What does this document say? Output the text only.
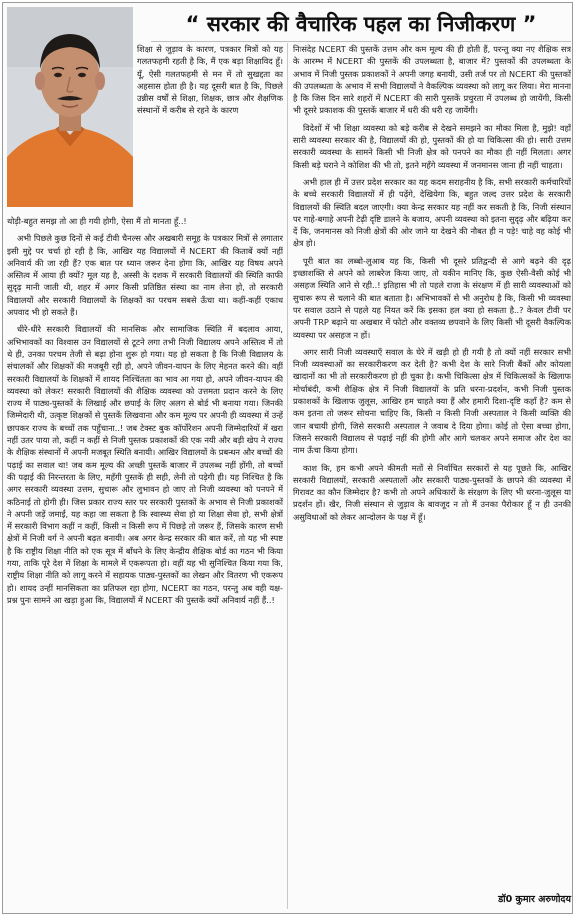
“ सरकार की वैचारिक पहल का निजीकरण ”

शिक्षा से जुड़ाव के कारण, पत्रकार मित्रों को यह गलतफहमी रहती है कि, मैं एक बड़ा शिक्षाविद हूँ। यूँ, ऐसी गलतफहमी से मन में तो सुखद्दता का अहसास होता ही है। यह दूसरी बात है कि, पिछले उन्नीस वर्षों से शिक्षा, शिक्षक, छात्र और शैक्षणिक संस्थानों में करीब से रहने के कारण

थोड़ी-बहुत समझ तो आ ही गयी होगी, ऐसा मैं तो मानता हूँ..!

अभी पिछले कुछ दिनों से कई टीवी चैनल्स और अखबारी समूह के पत्रकार मित्रों से लगातार इसी मुद्दे पर चर्चा हो रही है कि, आखिर यह विद्यालयों में NCERT की किताबें क्यों नहीं अनिवार्य की जा रही हैं? एक बात पर ध्यान जरूर देना होगा कि, आखिर यह विषय अपने अस्तित्व में आया ही क्यों? मूल यह है, अस्सी के दशक में सरकारी विद्यालयों की स्थिति काफी सुदृढ़ मानी जाती थी, शहर में अगर किसी प्रतिष्ठित संस्था का नाम लेना हो, तो सरकारी विद्यालयों और सरकारी विद्यालयों के शिक्षकों का परचम सबसे ऊँचा था। कहीं-कहीं एकाध अपवाद भी हो सकते हैं।

धीरे-धीरे सरकारी विद्यालयों की मानसिक और सामाजिक स्थिति में बदलाव आया, अभिभावकों का विश्वास उन विद्यालयों से टूटने लगा तभी निजी विद्यालय अपने अस्तित्व में तो थे ही, उनका परचम तेजी से बढ़ा होना शुरू हो गया। यह हो सकता है कि निजी विद्यालय के संचालकों और शिक्षकों की मजबूरी रही हो, अपने जीवन-यापन के लिए मेहनत करने की। वहीं सरकारी विद्यालयों के शिक्षकों में शायद निश्चिंतता का भाव आ गया हो, अपने जीवन-यापन की व्यवस्था को लेकर! सरकारी विद्यालयों की शैक्षिक व्यवस्था को उत्तमता प्रदान करने के लिए राज्य में पाठ्य-पुस्तकों के लिखाई और छपाई के लिए अलग से बोर्ड भी बनाया गया। जिनकी जिम्मेदारी थी, उत्कृष्ट शिक्षकों से पुस्तकें लिखवाना और कम मूल्य पर अपनी ही व्यवस्था में उन्हें छापकर राज्य के बच्चों तक पहुँचाना..! जब टेक्स्ट बुक कॉर्पोरेशन अपनी जिम्मेदारियों में खरा नहीं उतर पाया तो, कहीं न कहीं से निजी पुस्तक प्रकाशकों की एक नयी और बड़ी खेप ने राज्य के शैक्षिक संस्थानों में अपनी मजबूत स्थिति बनायी। आखिर विद्यालयों के प्रबन्धन और बच्चों की पढ़ाई का सवाल था! जब कम मूल्य की अच्छी पुस्तकें बाजार में उपलब्ध नहीं होंगी, तो बच्चों की पढ़ाई की निरन्तरता के लिए, महँगी पुस्तकें ही सही, लेनी तो पड़ेगी ही। यह निश्चित है कि अगर सरकारी व्यवस्था उत्तम, सुचारू और लुभावन हो जाए तो निजी व्यवस्था को पनपने में कठिनाई तो होगी ही। जिस प्रकार राज्य स्तर पर सरकारी पुस्तकों के अभाव से निजी प्रकाशकों ने अपनी जड़ें जमाईं, यह कहा जा सकता है कि स्वास्थ्य सेवा हो या शिक्षा सेवा हो, सभी क्षेत्रों में सरकारी विभाग कहीं न कहीं, किसी न किसी रूप में पिछड़े तो जरूर हैं, जिसके कारण सभी क्षेत्रों में निजी वर्ग ने अपनी बढ़त बनायी। अब अगर केन्द्र सरकार की बात करें, तो यह भी स्पष्ट है कि राष्ट्रीय शिक्षा नीति को एक सूत्र में बाँधने के लिए केन्द्रीय शैक्षिक बोर्ड का गठन भी किया गया, ताकि पूरे देश में शिक्षा के मामले में एकरूपता हो। वहीं यह भी सुनिश्चित किया गया कि, राष्ट्रीय शिक्षा नीति को लागू करने में सहायक पाठ्य-पुस्तकों का लेखन और वितरण भी एकरूप हो। शायद उन्हीं मानसिकता का प्रतिफल रहा होगा, NCERT का गठन, परन्तु अब वही यक्ष-प्रश्न पुनः सामने आ खड़ा हुआ कि, विद्यालयों में NCERT की पुस्तकें क्यों अनिवार्य नहीं हैं..!

निःसंदेह NCERT की पुस्तकें उत्तम और कम मूल्य की ही होती हैं, परन्तु क्या नए शैक्षिक सत्र के आरम्भ में NCERT की पुस्तकें की उपलब्धता है, बाजार में? पुस्तकों की उपलब्धता के अभाव में निजी पुस्तक प्रकाशकों ने अपनी जगह बनायी, उसी तर्ज पर तो NCERT की पुस्तकों की उपलब्धता के अभाव में सभी विद्यालयों ने वैकल्पिक व्यवस्था को लागू कर लिया। मेरा मानना है कि जिस दिन सारे शहरों में NCERT की सारी पुस्तकें प्रचुरता में उपलब्ध हो जायेंगी, किसी भी दूसरे प्रकाशक की पुस्तकें बाजार में धरी की धरी रह जायेंगी।

विदेशों में भी शिक्षा व्यवस्था को बड़े करीब से देखने समझने का मौका मिला है, मुझे! वहाँ सारी व्यवस्था सरकार की है, विद्यालयों की हो, पुस्तकों की हो या चिकित्सा की हो। सारी उत्तम सरकारी व्यवस्था के सामने किसी भी निजी क्षेत्र को पनपने का मौका ही नहीं मिलता। अगर किसी बड़े घराने ने कोशिश की भी तो, इतने महँगे व्यवस्था में जनमानस जाना ही नहीं चाहता।

अभी हाल ही में उत्तर प्रदेश सरकार का यह कदम सराहनीय है कि, सभी सरकारी कर्मचारियों के बच्चे सरकारी विद्यालयों में ही पढ़ेंगे, देखियेगा कि, बहुत जल्द उत्तर प्रदेश के सरकारी विद्यालयों की स्थिति बदल जाएगी। क्या केन्द्र सरकार यह नहीं कर सकती है कि, निजी संस्थान पर गाहे-बगाहे अपनी टेढ़ी दृष्टि डालने के बजाय, अपनी व्यवस्था को इतना सुदृढ़ और बढ़िया कर दें कि, जनमानस को निजी क्षेत्रों की ओर जाने या देखने की नौबत ही न पड़े! चाहे वह कोई भी क्षेत्र हो।

पूरी बात का लब्बो-लुआब यह कि, किसी भी दूसरे प्रतिद्वन्दी से आगे बढ़ने की दृढ़ इच्छाशक्ति से अपने को लाबरेज किया जाए, तो यकीन मानिए कि, कुछ ऐसी-वैसी कोई भी असहज स्थिति आने से रही..! इतिहास भी तो पहले राजा के संरक्षण में ही सारी व्यवस्थाओं को सुचारू रूप से चलाने की बात बताता है। अभिभावकों से भी अनुरोध है कि, किसी भी व्यवस्था पर सवाल उठाने से पहले यह नियत करें कि इसका हल क्या हो सकता है..? केवल टीवी पर अपनी TRP बढ़ाने या अखबार में फोटो और वक्तव्य छपवाने के लिए किसी भी दूसरी वैकल्पिक व्यवस्था पर असहज न हों।

अगर सारी निजी व्यवस्थाएँ सवाल के घेरे में खड़ी हो ही गयी है तो क्यों नहीं सरकार सभी निजी व्यवस्थाओं का सरकारीकरण कर देती है? कभी देश के सारे निजी बैंकों और कोयला खादानों का भी तो सरकारीकरण हो ही चुका है। कभी चिकित्सा क्षेत्र में चिकित्सकों के खिलाफ मोर्चाबंदी, कभी शैक्षिक क्षेत्र में निजी विद्यालयों के प्रति धरना-प्रदर्शन, कभी निजी पुस्तक प्रकाशकों के खिलाफ जुलूस, आखिर हम चाहते क्या हैं और हमारी दिशा-दृष्टि कहाँ है? कम से कम इतना तो जरूर सोचना चाहिए कि, किसी न किसी निजी अस्पताल ने किसी व्यक्ति की जान बचायी होगी, जिसे सरकारी अस्पताल ने जवाब दे दिया होगा। कोई तो ऐसा बच्चा होगा, जिसने सरकारी विद्यालय से पढ़ाई नहीं की होगी और आगे चलकर अपने समाज और देश का नाम ऊँचा किया होगा।

काश कि, हम कभी अपने कीमती मतों से निर्वाचित सरकारों से यह पूछते कि, आखिर सरकारी विद्यालयों, सरकारी अस्पतालों और सरकारी पाठ्य-पुस्तकों के छापने की व्यवस्था में गिरावट का कौन जिम्मेदार है? कभी तो अपने अधिकारों के संरक्षण के लिए भी धरना-जुलूस या प्रदर्शन हों। खैर, निजी संस्थान से जुड़ाव के बावजूद न तो मैं उनका पैरोकार हूँ न ही उनकी असुविधाओं को लेकर आन्दोलन के पक्ष में हूँ।

डॉ0 कुमार अरुणोदय
